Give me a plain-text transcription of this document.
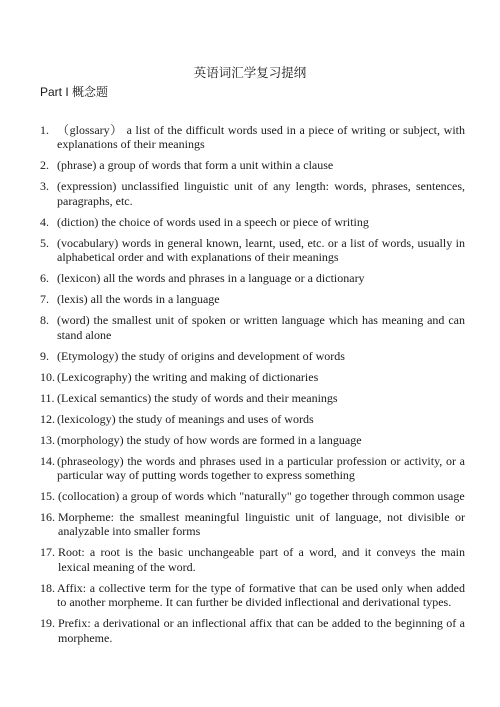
英语词汇学复习提纲
Part I 概念题
1. （glossary） a list of the difficult words used in a piece of writing or subject, with explanations of their meanings
2. (phrase) a group of words that form a unit within a clause
3. (expression) unclassified linguistic unit of any length: words, phrases, sentences, paragraphs, etc.
4. (diction) the choice of words used in a speech or piece of writing
5. (vocabulary) words in general known, learnt, used, etc. or a list of words, usually in alphabetical order and with explanations of their meanings
6. (lexicon) all the words and phrases in a language or a dictionary
7. (lexis) all the words in a language
8. (word) the smallest unit of spoken or written language which has meaning and can stand alone
9. (Etymology) the study of origins and development of words
10. (Lexicography) the writing and making of dictionaries
11. (Lexical semantics) the study of words and their meanings
12. (lexicology) the study of meanings and uses of words
13. (morphology) the study of how words are formed in a language
14. (phraseology) the words and phrases used in a particular profession or activity, or a particular way of putting words together to express something
15. (collocation) a group of words which "naturally" go together through common usage
16. Morpheme: the smallest meaningful linguistic unit of language, not divisible or analyzable into smaller forms
17. Root: a root is the basic unchangeable part of a word, and it conveys the main lexical meaning of the word.
18. Affix: a collective term for the type of formative that can be used only when added to another morpheme. It can further be divided inflectional and derivational types.
19. Prefix: a derivational or an inflectional affix that can be added to the beginning of a morpheme.
